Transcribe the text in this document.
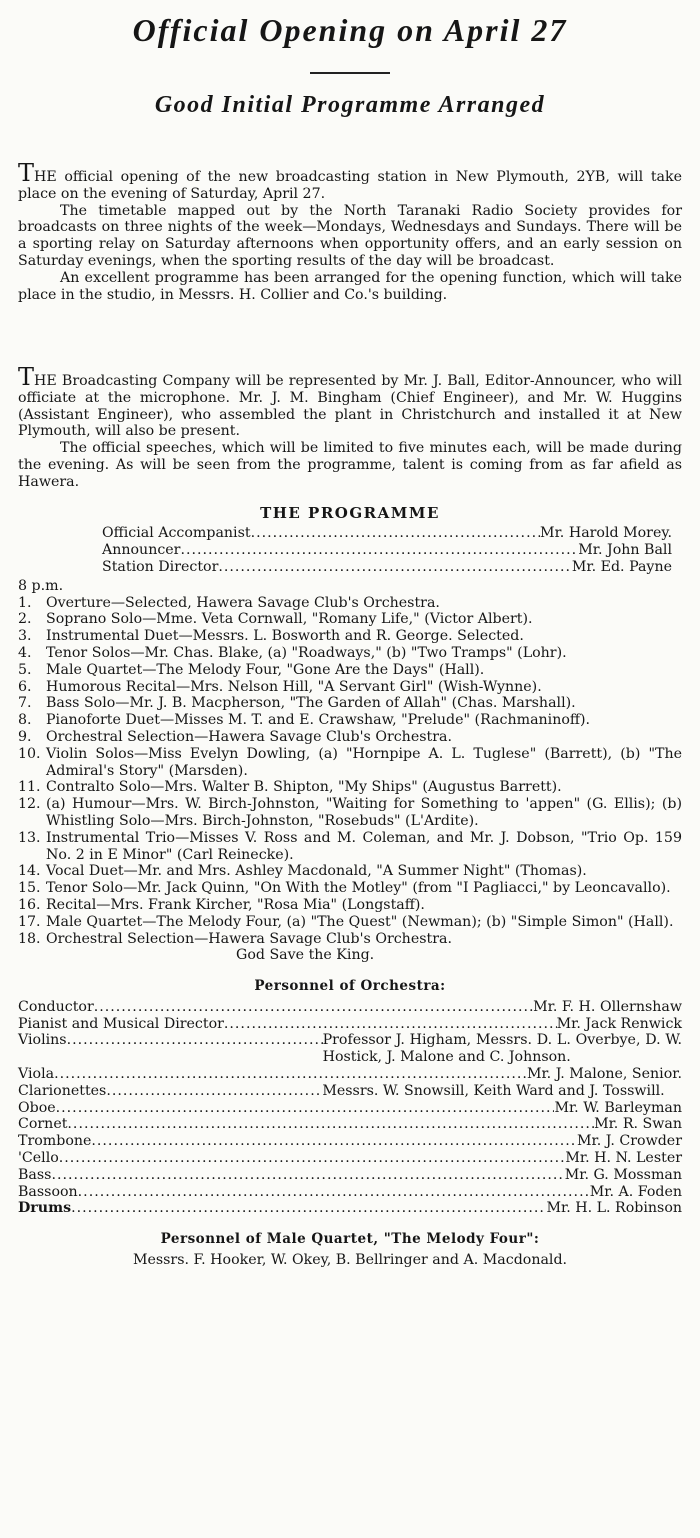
Official Opening on April 27
Good Initial Programme Arranged

THE official opening of the new broadcasting station in New Plymouth, 2YB, will take place on the evening of Saturday, April 27.

The timetable mapped out by the North Taranaki Radio Society provides for broadcasts on three nights of the week—Mondays, Wednesdays and Sundays. There will be a sporting relay on Saturday afternoons when opportunity offers, and an early session on Saturday evenings, when the sporting results of the day will be broadcast.

An excellent programme has been arranged for the opening function, which will take place in the studio, in Messrs. H. Collier and Co.'s building.

THE Broadcasting Company will be represented by Mr. J. Ball, Editor-Announcer, who will officiate at the microphone. Mr. J. M. Bingham (Chief Engineer), and Mr. W. Huggins (Assistant Engineer), who assembled the plant in Christchurch and installed it at New Plymouth, will also be present.

The official speeches, which will be limited to five minutes each, will be made during the evening. As will be seen from the programme, talent is coming from as far afield as Hawera.

THE PROGRAMME
Official Accompanist .....	Mr. Harold Morey.
Announcer .....	Mr. John Ball
Station Director .....	Mr. Ed. Payne
8 p.m.
1.	Overture—Selected, Hawera Savage Club's Orchestra.
2.	Soprano Solo—Mme. Veta Cornwall, "Romany Life," (Victor Albert).
3.	Instrumental Duet—Messrs. L. Bosworth and R. George. Selected.
4.	Tenor Solos—Mr. Chas. Blake, (a) "Roadways," (b) "Two Tramps" (Lohr).
5.	Male Quartet—The Melody Four, "Gone Are the Days" (Hall).
6.	Humorous Recital—Mrs. Nelson Hill, "A Servant Girl" (Wish-Wynne).
7.	Bass Solo—Mr. J. B. Macpherson, "The Garden of Allah" (Chas. Marshall).
8.	Pianoforte Duet—Misses M. T. and E. Crawshaw, "Prelude" (Rachmaninoff).
9.	Orchestral Selection—Hawera Savage Club's Orchestra.
10. Violin Solos—Miss Evelyn Dowling, (a) "Hornpipe A. L. Tuglese" (Barrett), (b) "The Admiral's Story" (Marsden).
11. Contralto Solo—Mrs. Walter B. Shipton, "My Ships" (Augustus Barrett).
12. (a) Humour—Mrs. W. Birch-Johnston, "Waiting for Something to 'appen" (G. Ellis); (b) Whistling Solo—Mrs. Birch-Johnston, "Rosebuds" (L'Ardite).
13. Instrumental Trio—Misses V. Ross and M. Coleman, and Mr. J. Dobson, "Trio Op. 159 No. 2 in E Minor" (Carl Reinecke).
14. Vocal Duet—Mr. and Mrs. Ashley Macdonald, "A Summer Night" (Thomas).
15. Tenor Solo—Mr. Jack Quinn, "On With the Motley" (from "I Pagliacci," by Leoncavallo).
16. Recital—Mrs. Frank Kircher, "Rosa Mia" (Longstaff).
17. Male Quartet—The Melody Four, (a) "The Quest" (Newman); (b) "Simple Simon" (Hall).
18. Orchestral Selection—Hawera Savage Club's Orchestra.
God Save the King.
Personnel of Orchestra:
Conductor .....	Mr. F. H. Ollernshaw
Pianist and Musical Director .....	Mr. Jack Renwick
Violins .....	Professor J. Higham, Messrs. D. L. Overbye, D. W. Hostick, J. Malone and C. Johnson.
Viola .....	Mr. J. Malone, Senior.
Clarionettes .....	Messrs. W. Snowsill, Keith Ward and J. Tosswill.
Oboe .....	Mr. W. Barleyman
Cornet .....	Mr. R. Swan
Trombone .....	Mr. J. Crowder
'Cello .....	Mr. H. N. Lester
Bass .....	Mr. G. Mossman
Bassoon .....	Mr. A. Foden
Drums .....	Mr. H. L. Robinson
Personnel of Male Quartet, "The Melody Four":
Messrs. F. Hooker, W. Okey, B. Bellringer and A. Macdonald.
